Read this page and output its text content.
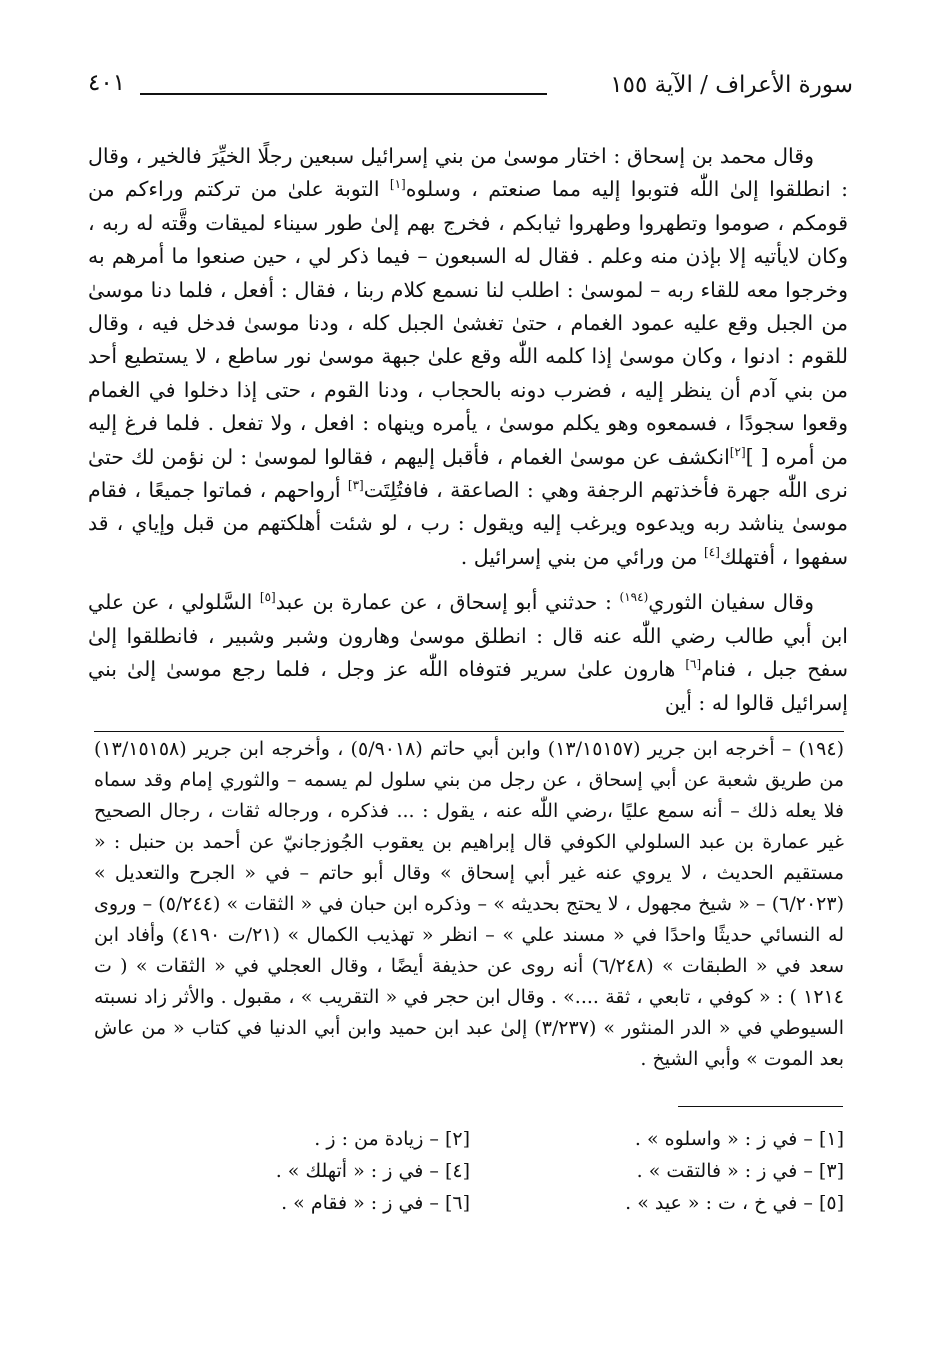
سورة الأعراف / الآية ١٥٥
٤٠١

وقال محمد بن إسحاق : اختار موسىٰ من بني إسرائيل سبعين رجلًا الخيِّرَ فالخير ، وقال : انطلقوا إلىٰ اللّٰه فتوبوا إليه مما صنعتم ، وسلوه[١] التوبة علىٰ من تركتم وراءكم من قومكم ، صوموا وتطهروا وطهروا ثيابكم ، فخرج بهم إلىٰ طور سيناء لميقات وقَّته له ربه ، وكان لايأتيه إلا بإذن منه وعلم . فقال له السبعون – فيما ذكر لي ، حين صنعوا ما أمرهم به وخرجوا معه للقاء ربه – لموسىٰ : اطلب لنا نسمع كلام ربنا ، فقال : أفعل ، فلما دنا موسىٰ من الجبل وقع عليه عمود الغمام ، حتىٰ تغشىٰ الجبل كله ، ودنا موسىٰ فدخل فيه ، وقال للقوم : ادنوا ، وكان موسىٰ إذا كلمه اللّٰه وقع علىٰ جبهة موسىٰ نور ساطع ، لا يستطيع أحد من بني آدم أن ينظر إليه ، فضرب دونه بالحجاب ، ودنا القوم ، حتى إذا دخلوا في الغمام وقعوا سجودًا ، فسمعوه وهو يكلم موسىٰ ، يأمره وينهاه : افعل ، ولا تفعل . فلما فرغ إليه من أمره [ ][٢]انكشف عن موسىٰ الغمام ، فأقبل إليهم ، فقالوا لموسىٰ : لن نؤمن لك حتىٰ نرى اللّٰه جهرة فأخذتهم الرجفة وهي : الصاعقة ، فافتُلِتَت[٣] أرواحهم ، فماتوا جميعًا ، فقام موسىٰ يناشد ربه ويدعوه ويرغب إليه ويقول : رب ، لو شئت أهلكتهم من قبل وإياي ، قد سفهوا ، أفتهلك[٤] من ورائي من بني إسرائيل .

وقال سفيان الثوري$^{(١٩٤)}$ : حدثني أبو إسحاق ، عن عمارة بن عبد[٥] السَّلولي ، عن علي ابن أبي طالب رضي اللّٰه عنه قال : انطلق موسىٰ وهارون وشبر وشبير ، فانطلقوا إلىٰ سفح جبل ، فنام[٦] هارون علىٰ سرير فتوفاه اللّٰه عز وجل ، فلما رجع موسىٰ إلىٰ بني إسرائيل قالوا له : أين

(١٩٤) – أخرجه ابن جرير (١٣/١٥١٥٧) وابن أبي حاتم (٥/٩٠١٨) ، وأخرجه ابن جرير (١٣/١٥١٥٨) من طريق شعبة عن أبي إسحاق ، عن رجل من بني سلول لم يسمه – والثوري إمام وقد سماه فلا يعله ذلك – أنه سمع عليًا ،رضي اللّٰه عنه ، يقول : ... فذكره ، ورجاله ثقات ، رجال الصحيح غير عمارة بن عبد السلولي الكوفي قال إبراهيم بن يعقوب الجُوزجانيّ عن أحمد بن حنبل : « مستقيم الحديث ، لا يروي عنه غير أبي إسحاق » وقال أبو حاتم – في « الجرح والتعديل » (٦/٢٠٢٣) – « شيخ مجهول ، لا يحتج بحديثه » – وذكره ابن حبان في « الثقات » (٥/٢٤٤) – وروى له النسائي حديثًا واحدًا في « مسند علي » – انظر « تهذيب الكمال » (٢١/ت ٤١٩٠) وأفاد ابن سعد في « الطبقات » (٦/٢٤٨) أنه روى عن حذيفة أيضًا ، وقال العجلي في « الثقات » ( ت ١٢١٤ ) : « كوفي ، تابعي ، ثقة ....» . وقال ابن حجر في « التقريب » ، مقبول . والأثر زاد نسبته السيوطي في « الدر المنثور » (٣/٢٣٧) إلىٰ عبد ابن حميد وابن أبي الدنيا في كتاب « من عاش بعد الموت » وأبي الشيخ .

[١] – في ز : « واسلوه » .
[٢] – زيادة من : ز .
[٣] – في ز : « فالتقت » .
[٤] – في ز : « أتهلك » .
[٥] – في خ ، ت : « عيد » .
[٦] – في ز : « فقام » .
